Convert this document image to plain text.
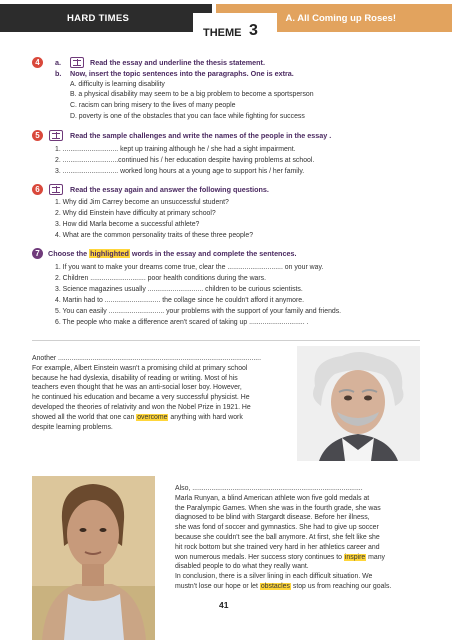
HARD TIMES	A. All Coming up Roses!
THEME 3
4	a.	Read the essay and underline the thesis statement.
b. Now, insert the topic sentences into the paragraphs. One is extra.
A. difficulty is learning disability
B. a physical disability may seem to be a big problem to become a sportsperson
C. racism can bring misery to the lives of many people
D. poverty is one of the obstacles that you can face while fighting for success
5	Read the sample challenges and write the names of the people in the essay .
1. ............................. kept up training although he / she had a sight impairment.
2. .............................continued his / her education despite having problems at school.
3. ............................. worked long hours at a young age to support his / her family.
6	Read the essay again and answer the following questions.
1. Why did Jim Carrey become an unsuccessful student?
2. Why did Einstein have difficulty at primary school?
3. How did Marla become a successful athlete?
4. What are the common personality traits of these three people?
7	Choose the highlighted words in the essay and complete the sentences.
1. If you want to make your dreams come true, clear the ............................. on your way.
2. Children ............................. poor health conditions during the wars.
3. Science magazines usually ............................. children to be curious scientists.
4. Martin had to ............................. the collage since he couldn't afford it anymore.
5. You can easily ............................. your problems with the support of your family and friends.
6. The people who make a difference aren't scared of taking up ............................. .
Another ..........................................................................................................
For example, Albert Einstein wasn't a promising child at primary school
because he had dyslexia, disability of reading or writing. Most of his
teachers even thought that he was an anti-social loser boy. However,
he continued his education and became a very successful physicist. He
developed the theories of relativity and won the Nobel Prize in 1921. He
showed all the world that one can overcome anything with hard work
despite learning problems.
Also, .........................................................................................
Marla Runyan, a blind American athlete won five gold medals at
the Paralympic Games. When she was in the fourth grade, she was
diagnosed to be blind with Stargardt disease. Before her illness,
she was fond of soccer and gymnastics. She had to give up soccer
because she couldn't see the ball anymore. At first, she felt like she
hit rock bottom but she trained very hard in her athletics career and
won numerous medals. Her success story continues to inspire many
disabled people to do what they really want.
In conclusion, there is a silver lining in each difficult situation. We
mustn't lose our hope or let obstacles stop us from reaching our goals.
41
